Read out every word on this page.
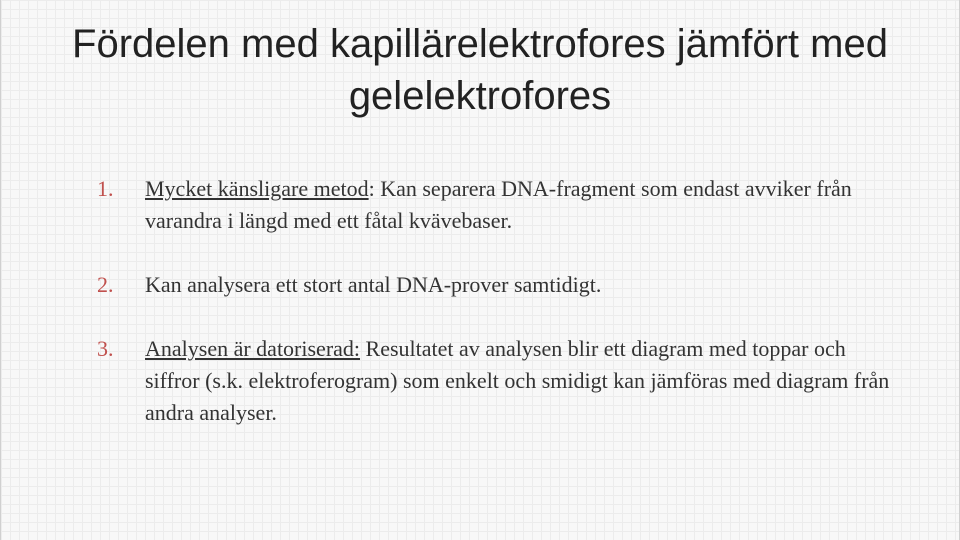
Fördelen med kapillärelektrofores jämfört med gelelektrofores
1.	Mycket känsligare metod: Kan separera DNA-fragment som endast avviker från varandra i längd med ett fåtal kvävebaser.
2.	Kan analysera ett stort antal DNA-prover samtidigt.
3.	Analysen är datoriserad: Resultatet av analysen blir ett diagram med toppar och siffror (s.k. elektroferogram) som enkelt och smidigt kan jämföras med diagram från andra analyser.
